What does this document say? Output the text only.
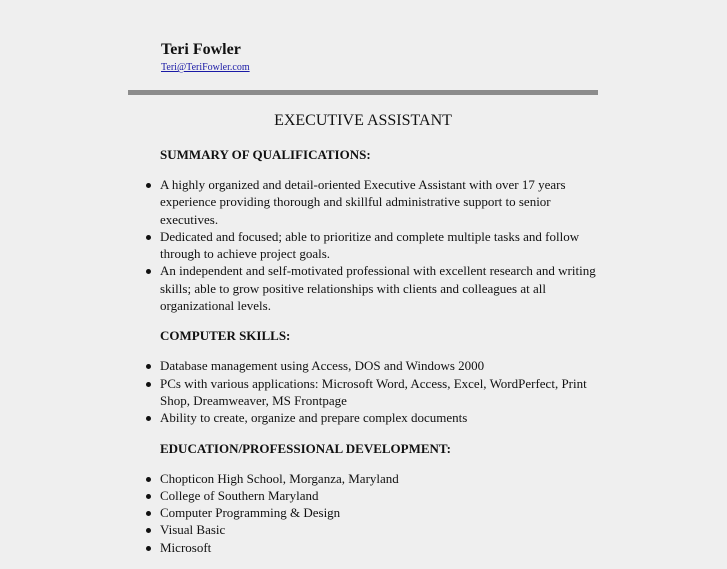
Teri Fowler
Teri@TeriFowler.com
EXECUTIVE ASSISTANT
SUMMARY OF QUALIFICATIONS:
A highly organized and detail-oriented Executive Assistant with over 17 years experience providing thorough and skillful administrative support to senior executives.
Dedicated and focused; able to prioritize and complete multiple tasks and follow through to achieve project goals.
An independent and self-motivated professional with excellent research and writing skills; able to grow positive relationships with clients and colleagues at all organizational levels.
COMPUTER SKILLS:
Database management using Access, DOS and Windows 2000
PCs with various applications: Microsoft Word, Access, Excel, WordPerfect, Print Shop, Dreamweaver, MS Frontpage
Ability to create, organize and prepare complex documents
EDUCATION/PROFESSIONAL DEVELOPMENT:
Chopticon High School, Morganza, Maryland
College of Southern Maryland
Computer Programming & Design
Visual Basic
Microsoft
